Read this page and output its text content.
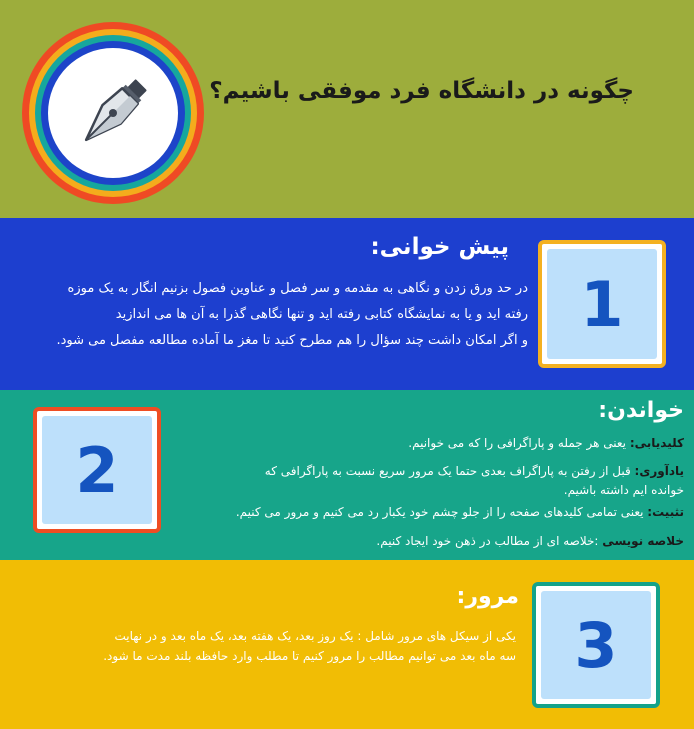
چگونه در دانشگاه فرد موفقی باشیم؟
1
پیش خوانی:

در حد ورق زدن و نگاهی به مقدمه و سر فصل و عناوین فصول بزنیم انگار به یک موزه
رفته اید و یا به نمایشگاه کتابی رفته اید و تنها نگاهی گذرا به آن ها می اندازید
و اگر امکان داشت چند سؤال را هم مطرح کنید تا مغز ما آماده مطالعه مفصل می شود.

2
خواندن:
کلیدیابی: یعنی هر جمله و پاراگرافی را که می خوانیم.
یادآوری: قبل از رفتن به پاراگراف بعدی حتما یک مرور سریع نسبت به پاراگرافی که
خوانده ایم داشته باشیم.
تثبیت: یعنی تمامی کلیدهای صفحه را از جلو چشم خود یکبار رد می کنیم و مرور می کنیم.
خلاصه نویسی :خلاصه ای از مطالب در ذهن خود ایجاد کنیم.
3
مرور:

یکی از سیکل های مرور شامل : یک روز بعد، یک هفته بعد، یک ماه بعد و در نهایت
سه ماه بعد می توانیم مطالب را مرور کنیم تا مطلب وارد حافظه بلند مدت ما شود.
